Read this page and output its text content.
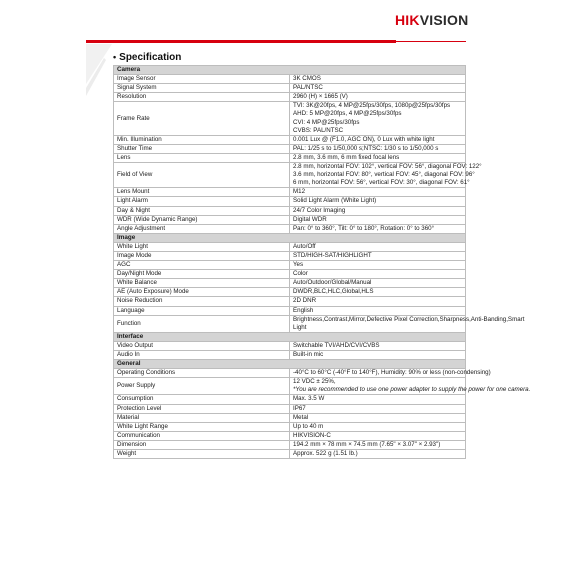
HIKVISION
• Specification
Camera	
Image Sensor	3K CMOS

Signal System	PAL/NTSC

Resolution	2960 (H) × 1665 (V)

Frame Rate	TVI: 3K@20fps, 4 MP@25fps/30fps, 1080p@25fps/30fps
AHD: 5 MP@20fps, 4 MP@25fps/30fps
CVI: 4 MP@25fps/30fps
CVBS: PAL/NTSC

Min. Illumination	0.001 Lux @ (F1.0, AGC ON), 0 Lux with white light

Shutter Time	PAL: 1/25 s to 1/50,000 s;NTSC: 1/30 s to 1/50,000 s

Lens	2.8 mm, 3.6 mm, 6 mm fixed focal lens

Field of View	2.8 mm, horizontal FOV: 102°, vertical FOV: 56°, diagonal FOV: 122°
3.6 mm, horizontal FOV: 80°, vertical FOV: 45°, diagonal FOV: 96°
6 mm, horizontal FOV: 56°, vertical FOV: 30°, diagonal FOV: 61°

Lens Mount	M12

Light Alarm	Solid Light Alarm (White Light)

Day & Night	24/7 Color Imaging

WDR (Wide Dynamic Range)	Digital WDR

Angle Adjustment	Pan: 0° to 360°, Tilt: 0° to 180°, Rotation: 0° to 360°

Image	
White Light	Auto/Off

Image Mode	STD/HIGH-SAT/HIGHLIGHT

AGC	Yes

Day/Night Mode	Color

White Balance	Auto/Outdoor/Global/Manual

AE (Auto Exposure) Mode	DWDR,BLC,HLC,Global,HLS

Noise Reduction	2D DNR

Language	English

Function	Brightness,Contrast,Mirror,Defective Pixel Correction,Sharpness,Anti-Banding,Smart
Light

Interface	
Video Output	Switchable TVI/AHD/CVI/CVBS

Audio In	Built-in mic

General	
Operating Conditions	-40°C to 60°C (-40°F to 140°F), Humidity: 90% or less (non-condensing)

Power Supply	12 VDC ± 25%,
*You are recommended to use one power adapter to supply the power for one camera.

Consumption	Max. 3.5 W

Protection Level	IP67

Material	Metal

White Light Range	Up to 40 m

Communication	HIKVISION-C

Dimension	194.2 mm × 78 mm × 74.5 mm (7.65" × 3.07" × 2.93")

Weight	Approx. 522 g (1.51 lb.)
